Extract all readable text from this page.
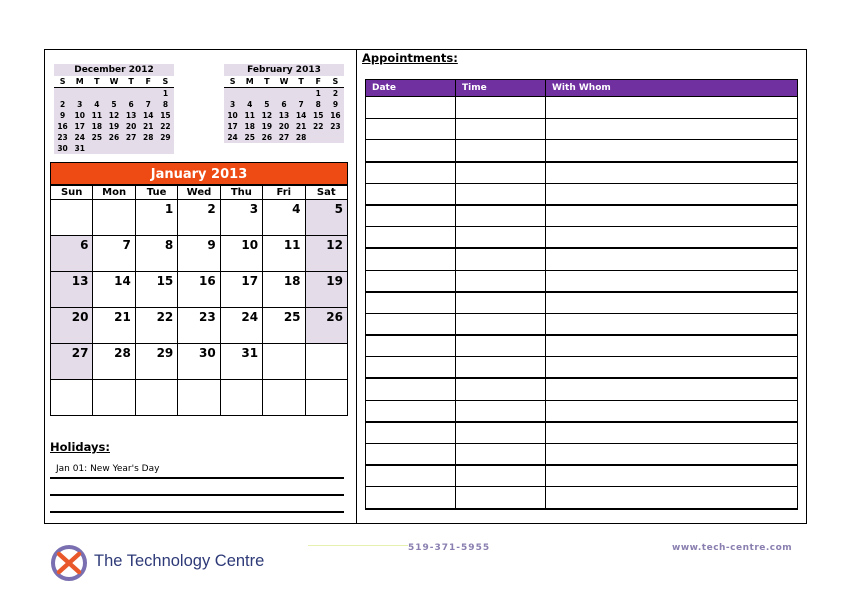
December 2012
S	M	T	W	T	F	S
						1
2	3	4	5	6	7	8
9	10	11	12	13	14	15
16	17	18	19	20	21	22
23	24	25	26	27	28	29
30	31					
February 2013
S	M	T	W	T	F	S
					1	2
3	4	5	6	7	8	9
10	11	12	13	14	15	16
17	18	19	20	21	22	23
24	25	26	27	28		
January 2013
Sun	Mon	Tue	Wed	Thu	Fri	Sat
		1	2	3	4	5
6	7	8	9	10	11	12
13	14	15	16	17	18	19
20	21	22	23	24	25	26
27	28	29	30	31		

Holidays:
Jan 01: New Year's Day
Appointments:
Date	Time	With Whom

The Technology Centre
519-371-5955	www.tech-centre.com
